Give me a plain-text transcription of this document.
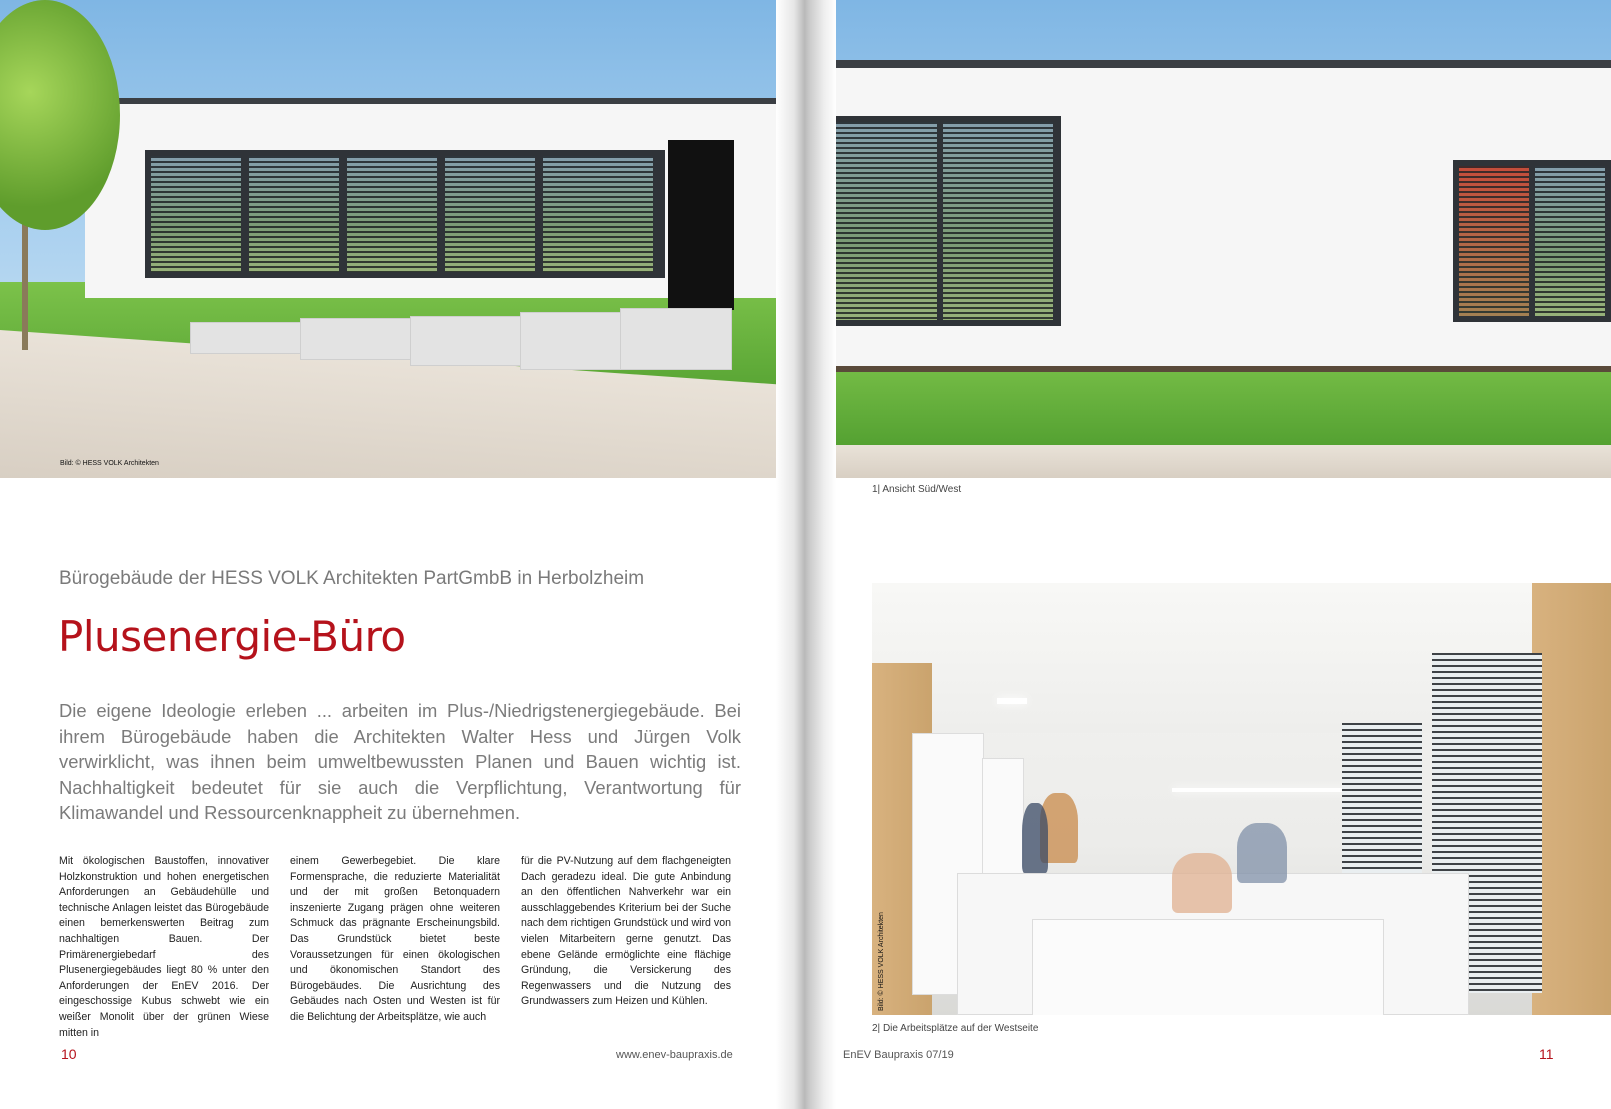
Bild: © HESS VOLK Architekten
Bürogebäude der HESS VOLK Architekten PartGmbB in Herbolzheim
Plusenergie-Büro

Die eigene Ideologie erleben ... arbeiten im Plus-/Niedrigstenergiegebäude. Bei ihrem Bürogebäude haben die Architekten Walter Hess und Jürgen Volk verwirklicht, was ihnen beim umweltbewussten Planen und Bauen wichtig ist. Nachhaltigkeit bedeutet für sie auch die Verpflichtung, Verantwortung für Klimawandel und Ressourcenknappheit zu übernehmen.

Mit ökologischen Baustoffen, innovativer Holzkonstruktion und hohen energetischen Anforderungen an Gebäudehülle und technische Anlagen leistet das Bürogebäude einen bemerkenswerten Beitrag zum nachhaltigen Bauen. Der Primärenergiebedarf des Plusenergiegebäudes liegt 80 % unter den Anforderungen der EnEV 2016. Der eingeschossige Kubus schwebt wie ein weißer Monolit über der grünen Wiese mitten in

einem Gewerbegebiet. Die klare Formensprache, die reduzierte Materialität und der mit großen Betonquadern inszenierte Zugang prägen ohne weiteren Schmuck das prägnante Erscheinungsbild. Das Grundstück bietet beste Voraussetzungen für einen ökologischen und ökonomischen Standort des Bürogebäudes. Die Ausrichtung des Gebäudes nach Osten und Westen ist für die Belichtung der Arbeitsplätze, wie auch

für die PV-Nutzung auf dem flachgeneigten Dach geradezu ideal. Die gute Anbindung an den öffentlichen Nahverkehr war ein ausschlaggebendes Kriterium bei der Suche nach dem richtigen Grundstück und wird von vielen Mitarbeitern gerne genutzt. Das ebene Gelände ermöglichte eine flächige Gründung, die Versickerung des Regenwassers und die Nutzung des Grundwassers zum Heizen und Kühlen.

10	www.enev-baupraxis.de
1| Ansicht Süd/West
Bild: © HESS VOLK Architekten
2| Die Arbeitsplätze auf der Westseite
EnEV Baupraxis 07/19	11
